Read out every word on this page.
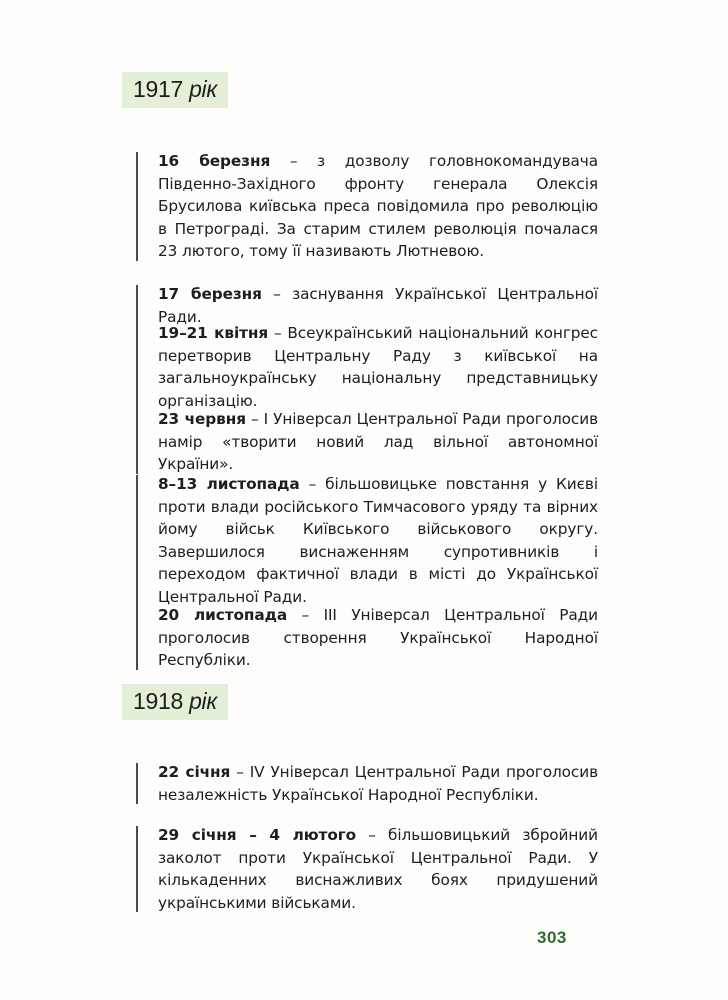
1917 рік
16 березня – з дозволу головнокомандувача Південно-Західного фронту генерала Олексія Брусилова київська преса повідомила про революцію в Петрограді. За старим стилем революція почалася 23 лютого, тому її називають Лютневою.
17 березня – заснування Української Центральної Ради.
19–21 квітня – Всеукраїнський національний конгрес перетворив Центральну Раду з київської на загальноукраїнську національну представницьку організацію.
23 червня – I Універсал Центральної Ради проголосив намір «творити новий лад вільної автономної України».
8–13 листопада – більшовицьке повстання у Києві проти влади російського Тимчасового уряду та вірних йому військ Київського військового округу. Завершилося виснаженням супротивників і переходом фактичної влади в місті до Української Центральної Ради.
20 листопада – III Універсал Центральної Ради проголосив створення Української Народної Республіки.
1918 рік
22 січня – IV Універсал Центральної Ради проголосив незалежність Української Народної Республіки.
29 січня – 4 лютого – більшовицький збройний заколот проти Української Центральної Ради. У кількаденних виснажливих боях придушений українськими військами.
303
